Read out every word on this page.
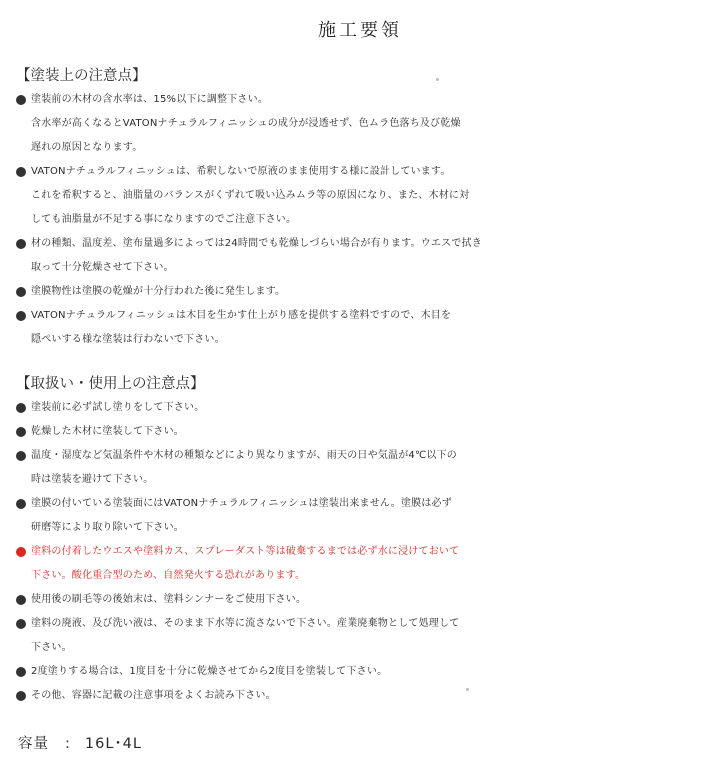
施工要領
【塗装上の注意点】
塗装前の木材の含水率は、15%以下に調整下さい。
含水率が高くなるとVATONナチュラルフィニッシュの成分が浸透せず、色ムラ色落ち及び乾燥
遅れの原因となります。
VATONナチュラルフィニッシュは、希釈しないで原液のまま使用する様に設計しています。
これを希釈すると、油脂量のバランスがくずれて吸い込みムラ等の原因になり、また、木材に対
しても油脂量が不足する事になりますのでご注意下さい。
材の種類、温度差、塗布量過多によっては24時間でも乾燥しづらい場合が有ります。ウエスで拭き
取って十分乾燥させて下さい。
塗膜物性は塗膜の乾燥が十分行われた後に発生します。
VATONナチュラルフィニッシュは木目を生かす仕上がり感を提供する塗料ですので、木目を
隠ぺいする様な塗装は行わないで下さい。
【取扱い・使用上の注意点】
塗装前に必ず試し塗りをして下さい。
乾燥した木材に塗装して下さい。
温度・湿度など気温条件や木材の種類などにより異なりますが、雨天の日や気温が4℃以下の
時は塗装を避けて下さい。
塗膜の付いている塗装面にはVATONナチュラルフィニッシュは塗装出来ません。塗膜は必ず
研磨等により取り除いて下さい。
塗料の付着したウエスや塗料カス、スプレーダスト等は破棄するまでは必ず水に浸けておいて
下さい。酸化重合型のため、自然発火する恐れがあります。
使用後の刷毛等の後始末は、塗料シンナーをご使用下さい。
塗料の廃液、及び洗い液は、そのまま下水等に流さないで下さい。産業廃棄物として処理して
下さい。
2度塗りする場合は、1度目を十分に乾燥させてから2度目を塗装して下さい。
その他、容器に記載の注意事項をよくお読み下さい。
容量 : 16L･4L
